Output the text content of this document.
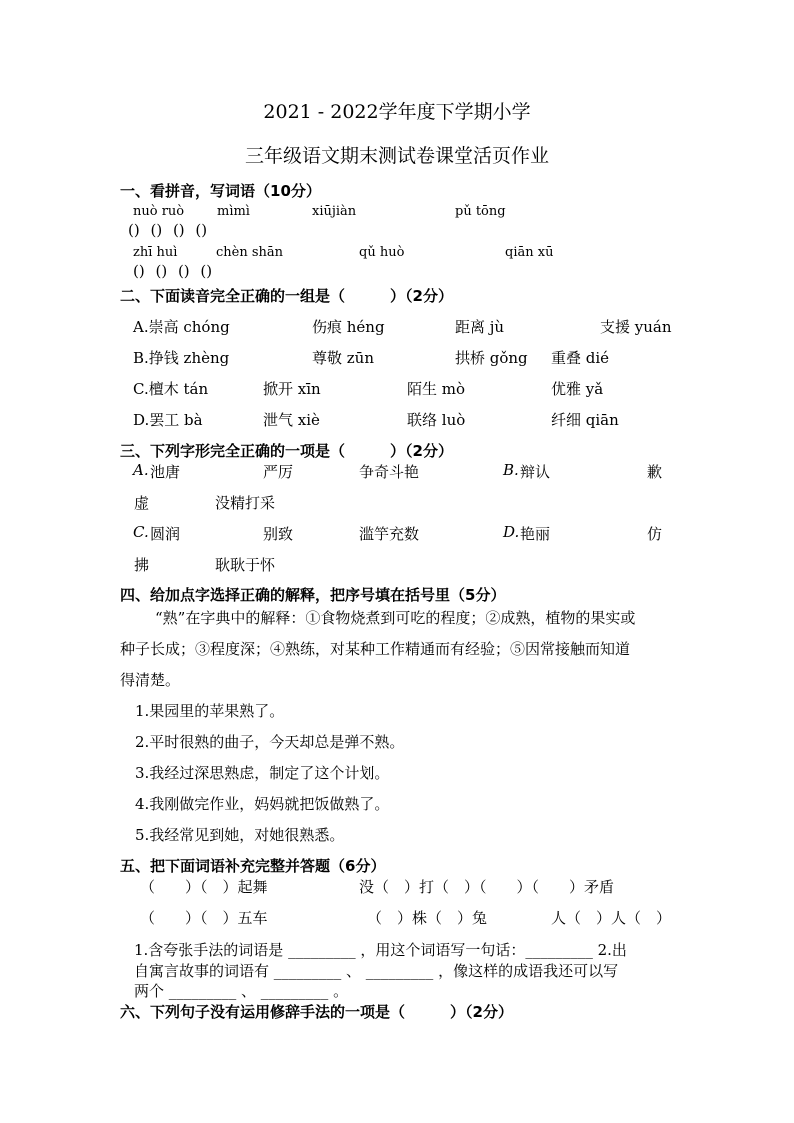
2021 - 2022学年度下学期小学
三年级语文期末测试卷课堂活页作业
一、看拼音，写词语（10分）
nuò ruò	mìmì	xiūjiàn	pǔ tōng
() () () ()
zhī huì	chèn shān	qǔ huò	qiān xū
() () () ()
二、下面读音完全正确的一组是（　　　）（2分）
A.崇高 chóng	伤痕 héng	距离 jù	支援 yuán
B.挣钱 zhèng	尊敬 zūn	拱桥 gǒng 重叠 dié
C.檀木 tán	掀开 xīn	陌生 mò	优雅 yǎ
D.罢工 bà	泄气 xiè	联络 luò	纤细 qiān
三、下列字形完全正确的一项是（　　　）（2分）
A. 池唐	严厉	争奇斗艳	B. 辩认	歉
虚	没精打采
C. 圆润	别致	滥竽充数	D. 艳丽	仿
拂	耿耿于怀
四、给加点字选择正确的解释，把序号填在括号里（5分）
“熟”在字典中的解释：①食物烧煮到可吃的程度；②成熟，植物的果实或
种子长成；③程度深；④熟练，对某种工作精通而有经验；⑤因常接触而知道
得清楚。
1.果园里的苹果熟了。
2.平时很熟的曲子，今天却总是弹不熟。
3.我经过深思熟虑，制定了这个计划。
4.我刚做完作业，妈妈就把饭做熟了。
5.我经常见到她，对她很熟悉。
五、把下面词语补充完整并答题（6分）
（　　）（　）起舞	没（　）打（　）（　　）（　　）矛盾
（　　）（　）五车	（　）株（　）兔	人（　）人（　）
1.含夸张手法的词语是 _________ ，用这个词语写一句话：_________ 2.出
自寓言故事的词语有 _________ 、 _________ ，像这样的成语我还可以写
两个 _________ 、 _________ 。
六、下列句子没有运用修辞手法的一项是（　　　）（2分）
